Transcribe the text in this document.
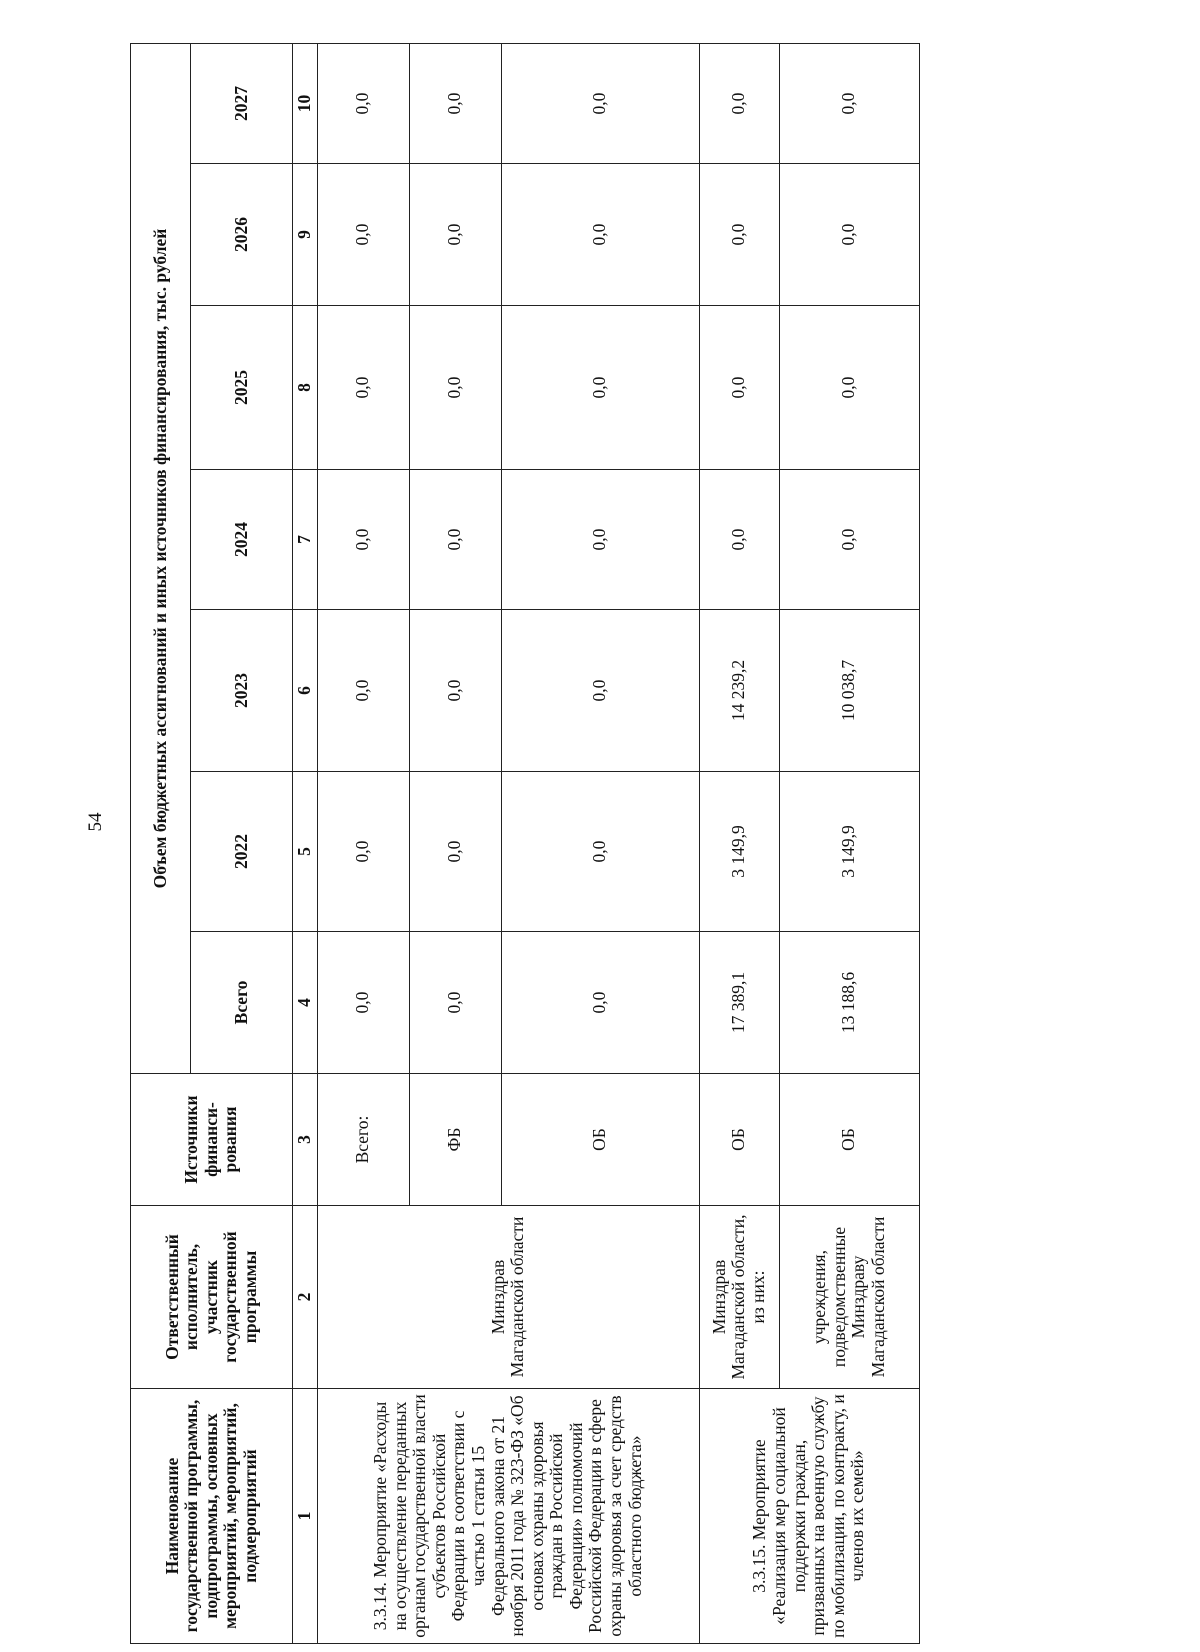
54
Наименование государственной программы, подпрограммы, основных мероприятий, мероприятий, подмероприятий	Ответственный исполнитель, участник государственной программы	Источники финанси-рования	Объем бюджетных ассигнований и иных источников финансирования, тыс. рублей						
			Всего	2022	2023	2024	2025	2026	2027
1	2	3	4	5	6	7	8	9	10
3.3.14. Мероприятие «Расходы на осуществление переданных органам государственной власти субъектов Российской Федерации в соответствии с частью 1 статьи 15 Федерального закона от 21 ноября 2011 года № 323-ФЗ «Об основах охраны здоровья граждан в Российской Федерации» полномочий Российской Федерации в сфере охраны здоровья за счет средств областного бюджета»	Минздрав Магаданской области	Всего:	0,0	0,0	0,0	0,0	0,0	0,0	0,0
		ФБ	0,0	0,0	0,0	0,0	0,0	0,0	0,0
		ОБ	0,0	0,0	0,0	0,0	0,0	0,0	0,0
3.3.15. Мероприятие «Реализация мер социальной поддержки граждан, призванных на военную службу по мобилизации, по контракту, и членов их семей»	Минздрав Магаданской области, из них:	ОБ	17 389,1	3 149,9	14 239,2	0,0	0,0	0,0	0,0
	учреждения, подведомственные Минздраву Магаданской области	ОБ	13 188,6	3 149,9	10 038,7	0,0	0,0	0,0	0,0
